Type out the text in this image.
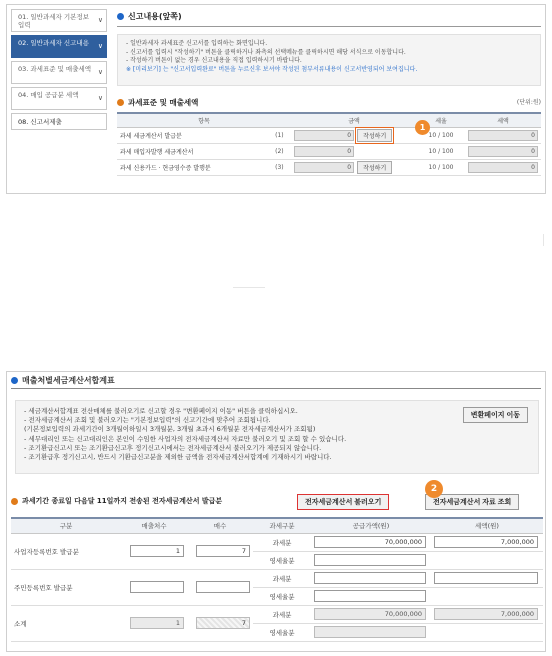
01. 일반과세자 기본정보 입력
∨
02. 일반과세자 신고내용 ∨
03. 과세표준 및 매출세액 ∨
04. 매입 공급분 세액	∨
08. 신고서제출
신고내용(앞쪽)
- 일반과세자 과세표준 신고서를 입력하는 화면입니다.
- 신고서를 입력시 "작성하기" 버튼을 클릭하거나 좌측의 선택메뉴를 클릭하시면 해당 서식으로 이동합니다.
- 작성하기 버튼이 없는 경우 신고내용을 직접 입력하시기 바랍니다.
※ [미리보기] 는 "신고서입력완료" 버튼을 누르신후 보셔야 작성된 첨부서류내용이 신고서반영되어 보여집니다.
과세표준 및 매출세액	(단위:원)
항목		금액	세율	세액
과세 세금계산서 발급분	(1)	0 작성하기	10 / 100	0
과세 매입자발행 세금계산서	(2)	0	10 / 100	0
과세 신용카드 · 현금영수증 발행분	(3)	0 작성하기	10 / 100	0
1
매출처별세금계산서합계표
변환페이지 이동
- 세금계산서합계표 전산매체를 불러오기로 신고할 경우 "변환페이지 이동" 버튼을 클릭하십시오.
- 전자세금계산서 조회 및 불러오기는 "기본정보입력"의 신고기간에 맞추어 조회됩니다.
(기본정보입력의 과세기간이 3개월이하일시 3개월분, 3개월 초과시 6개월분 전자세금계산서가 조회됨)
- 세무대리인 또는 신고대리인은 본인이 수임한 사업자의 전자세금계산서 자료만 불러오기 및 조회 할 수 있습니다.
- 조기환급신고시 또는 조기환급신고후 정기신고시에서는 전자세금계산서 불러오기가 제공되지 않습니다.
- 조기환급후 정기신고시, 반드시 기환급신고분을 제외한 금액을 전자세금계산서합계에 기재하시기 바랍니다.
과세기간 종료일 다음달 11일까지 전송된 전자세금계산서 발급분	전자세금계산서 불러오기	전자세금계산서 자료 조회
2
구분	매출처수	매수	과세구분	공급가액(원)	세액(원)
사업자등록번호 발급분	1	7	과세분	70,000,000	7,000,000
			영세율분		
주민등록번호 발급분			과세분		
			영세율분		
소계	1	7	과세분	70,000,000	7,000,000
			영세율분		
